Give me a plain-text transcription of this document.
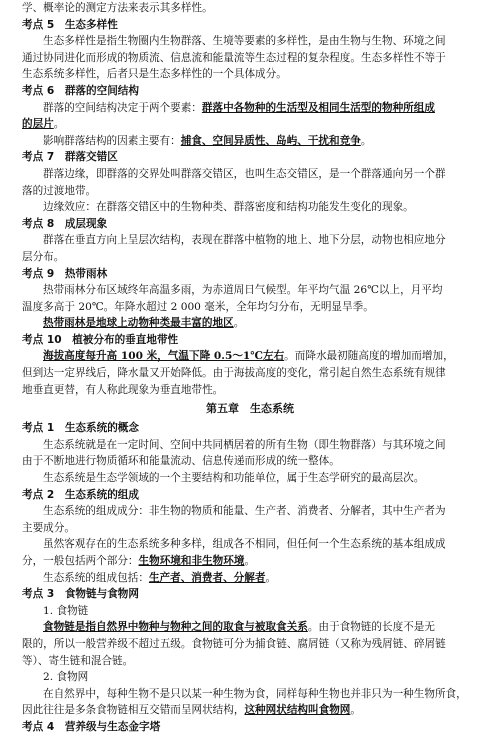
学、概率论的测定方法来表示其多样性。
考点 5　生态多样性
生态多样性是指生物圈内生物群落、生境等要素的多样性，是由生物与生物、环境之间
通过协同进化而形成的物质流、信息流和能量流等生态过程的复杂程度。生态多样性不等于
生态系统多样性，后者只是生态多样性的一个具体成分。
考点 6　群落的空间结构
群落的空间结构决定于两个要素：群落中各物种的生活型及相同生活型的物种所组成
的层片。
影响群落结构的因素主要有：捕食、空间异质性、岛屿、干扰和竞争。
考点 7　群落交错区
群落边缘，即群落的交界处叫群落交错区，也叫生态交错区，是一个群落通向另一个群
落的过渡地带。
边缘效应：在群落交错区中的生物种类、群落密度和结构功能发生变化的现象。
考点 8　成层现象
群落在垂直方向上呈层次结构，表现在群落中植物的地上、地下分层，动物也相应地分
层分布。
考点 9　热带雨林
热带雨林分布区域终年高温多雨，为赤道周日气候型。年平均气温 26℃以上，月平均
温度多高于 20℃。年降水超过 2 000 毫米，全年均匀分布，无明显旱季。
热带雨林是地球上动物种类最丰富的地区。
考点 10　植被分布的垂直地带性
海拔高度每升高 100 米，气温下降 0.5～1℃左右。而降水最初随高度的增加而增加，
但到达一定界线后，降水量又开始降低。由于海拔高度的变化，常引起自然生态系统有规律
地垂直更替，有人称此现象为垂直地带性。
第五章　生态系统
考点 1　生态系统的概念
生态系统就是在一定时间、空间中共同栖居着的所有生物（即生物群落）与其环境之间
由于不断地进行物质循环和能量流动、信息传递而形成的统一整体。
生态系统是生态学领域的一个主要结构和功能单位，属于生态学研究的最高层次。
考点 2　生态系统的组成
生态系统的组成成分：非生物的物质和能量、生产者、消费者、分解者，其中生产者为
主要成分。
虽然客观存在的生态系统多种多样，组成各不相同，但任何一个生态系统的基本组成成
分，一般包括两个部分：生物环境和非生物环境。
生态系统的组成包括：生产者、消费者、分解者。
考点 3　食物链与食物网
1. 食物链
食物链是指自然界中物种与物种之间的取食与被取食关系。由于食物链的长度不是无
限的，所以一般营养级不超过五级。食物链可分为捕食链、腐屑链（又称为残屑链、碎屑链
等）、寄生链和混合链。
2. 食物网
在自然界中，每种生物不是只以某一种生物为食，同样每种生物也并非只为一种生物所食，
因此往往是多条食物链相互交错而呈网状结构，这种网状结构叫食物网。
考点 4　营养级与生态金字塔
